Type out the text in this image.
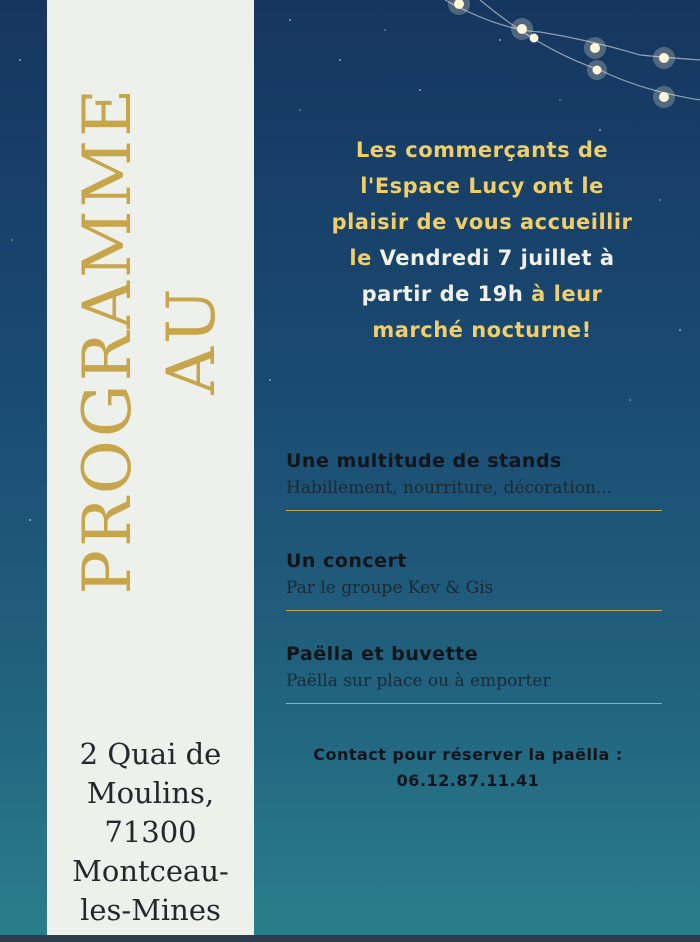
PROGRAMME AU
2 Quai de
Moulins,
71300
Montceau-
les-Mines
Les commerçants de
l'Espace Lucy ont le
plaisir de vous accueillir
le Vendredi 7 juillet à
partir de 19h à leur
marché nocturne!
Une multitude de stands
Habillement, nourriture, décoration...
Un concert
Par le groupe Kev & Gis
Paëlla et buvette
Paëlla sur place ou à emporter
Contact pour réserver la paëlla :
06.12.87.11.41
